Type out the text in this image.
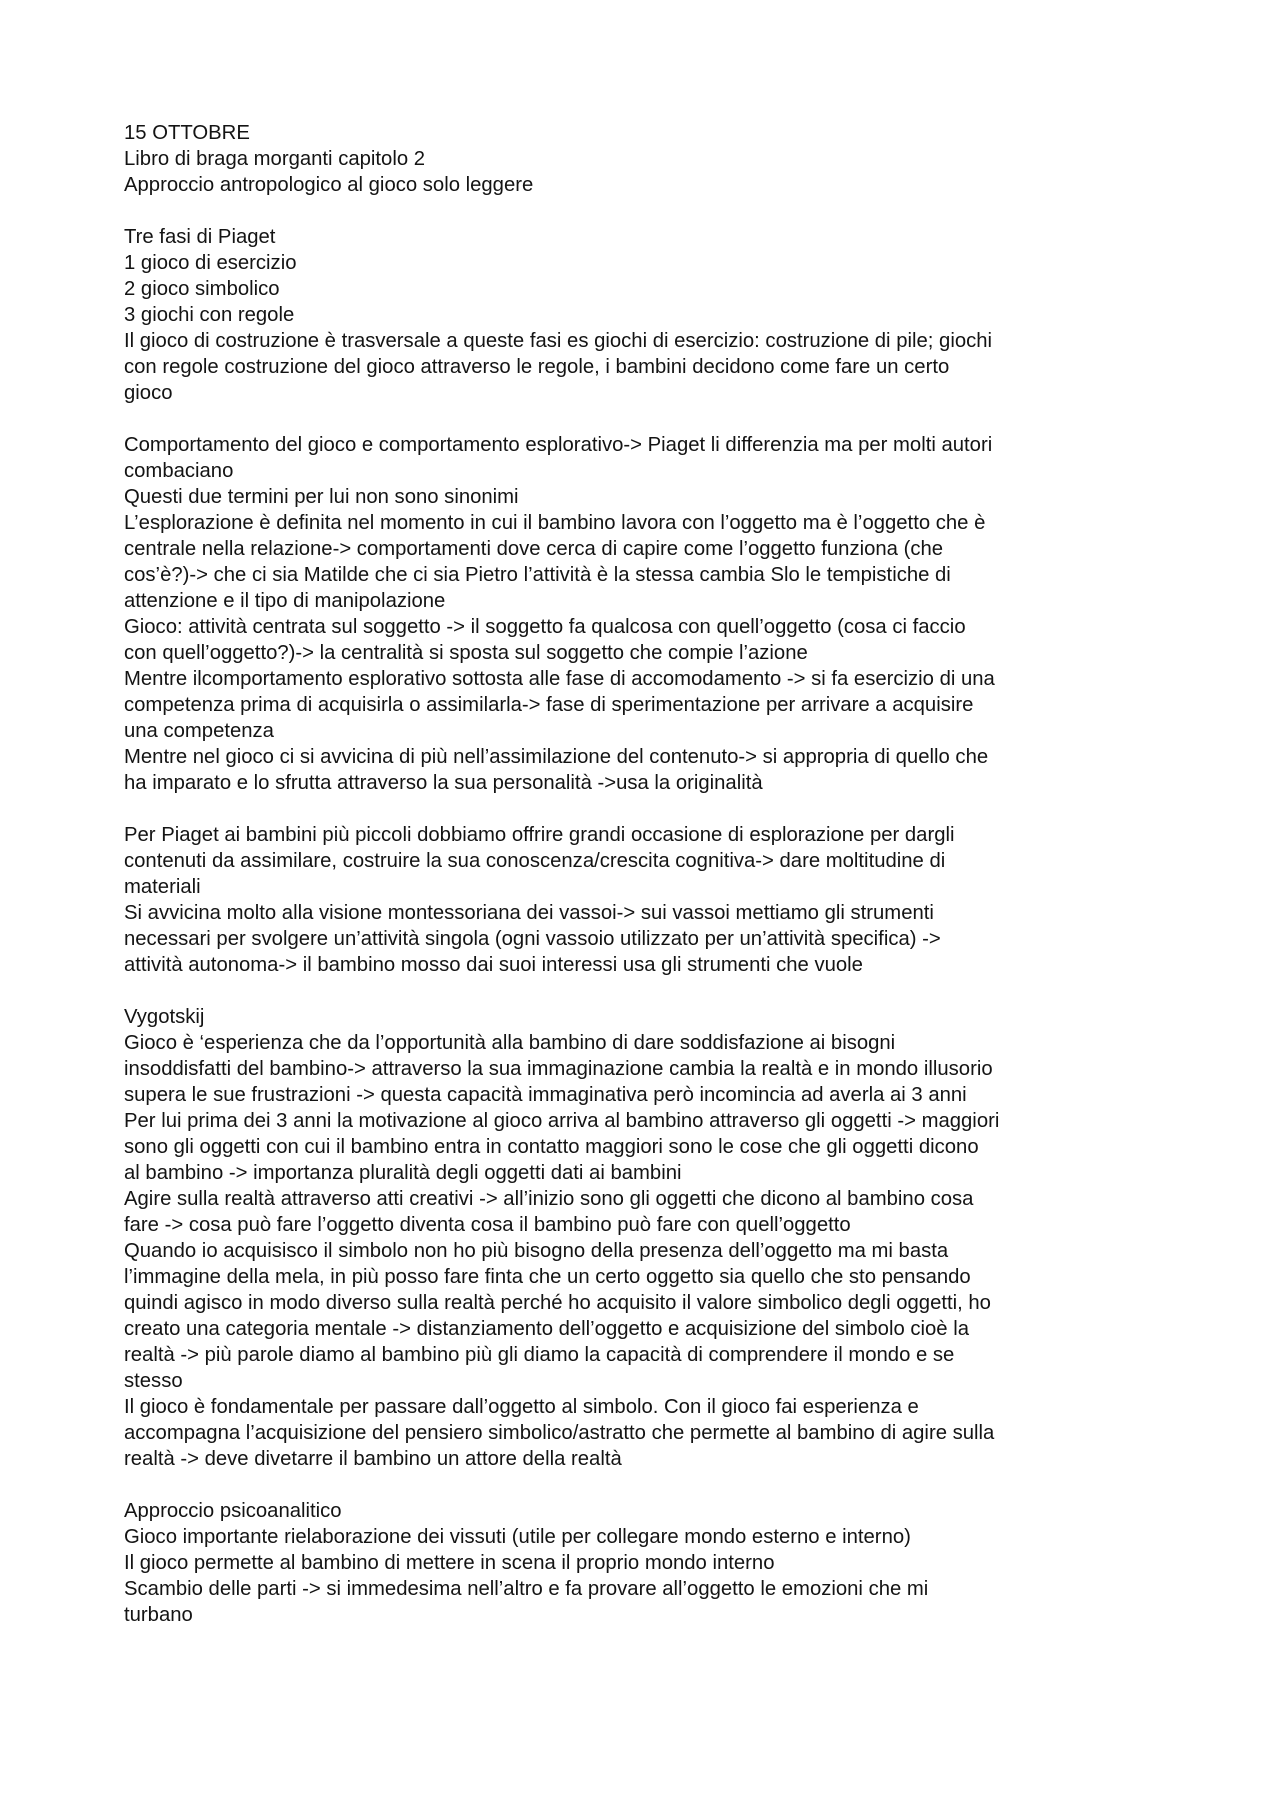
15 OTTOBRE
Libro di braga morganti capitolo 2
Approccio antropologico al gioco solo leggere
Tre fasi di Piaget
1 gioco di esercizio
2 gioco simbolico
3 giochi con regole
Il gioco di costruzione è trasversale a queste fasi es giochi di esercizio: costruzione di pile; giochi
con regole costruzione del gioco attraverso le regole, i bambini decidono come fare un certo
gioco
Comportamento del gioco e comportamento esplorativo-> Piaget li differenzia ma per molti autori
combaciano
Questi due termini per lui non sono sinonimi
L’esplorazione è definita nel momento in cui il bambino lavora con l’oggetto ma è l’oggetto che è
centrale nella relazione-> comportamenti dove cerca di capire come l’oggetto funziona (che
cos’è?)-> che ci sia Matilde che ci sia Pietro l’attività è la stessa cambia Slo le tempistiche di
attenzione e il tipo di manipolazione
Gioco: attività centrata sul soggetto -> il soggetto fa qualcosa con quell’oggetto (cosa ci faccio
con quell’oggetto?)-> la centralità si sposta sul soggetto che compie l’azione
Mentre ilcomportamento esplorativo sottosta alle fase di accomodamento -> si fa esercizio di una
competenza prima di acquisirla o assimilarla-> fase di sperimentazione per arrivare a acquisire
una competenza
Mentre nel gioco ci si avvicina di più nell’assimilazione del contenuto-> si appropria di quello che
ha imparato e lo sfrutta attraverso la sua personalità ->usa la originalità
Per Piaget ai bambini più piccoli dobbiamo offrire grandi occasione di esplorazione per dargli
contenuti da assimilare, costruire la sua conoscenza/crescita cognitiva-> dare moltitudine di
materiali
Si avvicina molto alla visione montessoriana dei vassoi-> sui vassoi mettiamo gli strumenti
necessari per svolgere un’attività singola (ogni vassoio utilizzato per un’attività specifica) ->
attività autonoma-> il bambino mosso dai suoi interessi usa gli strumenti che vuole
Vygotskij
Gioco è ‘esperienza che da l’opportunità alla bambino di dare soddisfazione ai bisogni
insoddisfatti del bambino-> attraverso la sua immaginazione cambia la realtà e in mondo illusorio
supera le sue frustrazioni -> questa capacità immaginativa però incomincia ad averla ai 3 anni
Per lui prima dei 3 anni la motivazione al gioco arriva al bambino attraverso gli oggetti -> maggiori
sono gli oggetti con cui il bambino entra in contatto maggiori sono le cose che gli oggetti dicono
al bambino -> importanza pluralità degli oggetti dati ai bambini
Agire sulla realtà attraverso atti creativi -> all’inizio sono gli oggetti che dicono al bambino cosa
fare -> cosa può fare l’oggetto diventa cosa il bambino può fare con quell’oggetto
Quando io acquisisco il simbolo non ho più bisogno della presenza dell’oggetto ma mi basta
l’immagine della mela, in più posso fare finta che un certo oggetto sia quello che sto pensando
quindi agisco in modo diverso sulla realtà perché ho acquisito il valore simbolico degli oggetti, ho
creato una categoria mentale -> distanziamento dell’oggetto e acquisizione del simbolo cioè la
realtà -> più parole diamo al bambino più gli diamo la capacità di comprendere il mondo e se
stesso
Il gioco è fondamentale per passare dall’oggetto al simbolo. Con il gioco fai esperienza e
accompagna l’acquisizione del pensiero simbolico/astratto che permette al bambino di agire sulla
realtà -> deve divetarre il bambino un attore della realtà
Approccio psicoanalitico
Gioco importante rielaborazione dei vissuti (utile per collegare mondo esterno e interno)
Il gioco permette al bambino di mettere in scena il proprio mondo interno
Scambio delle parti -> si immedesima nell’altro e fa provare all’oggetto le emozioni che mi
turbano
